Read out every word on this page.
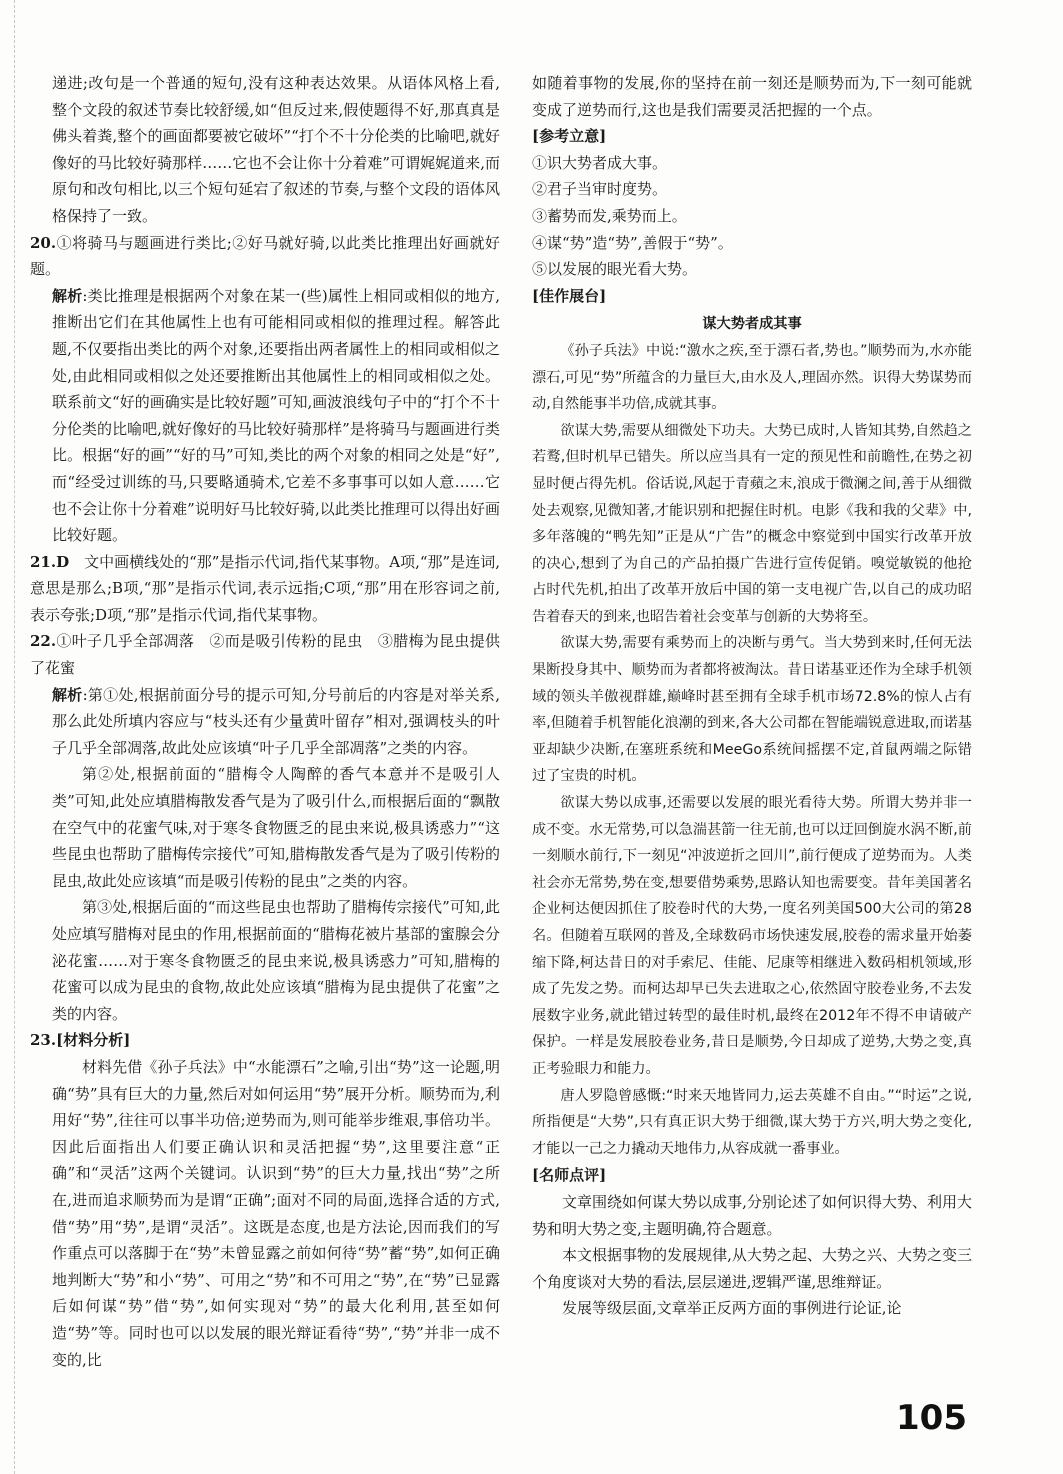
递进;改句是一个普通的短句,没有这种表达效果。从语体风格上看,整个文段的叙述节奏比较舒缓,如“但反过来,假使题得不好,那真真是佛头着粪,整个的画面都要被它破坏”“打个不十分伦类的比喻吧,就好像好的马比较好骑那样……它也不会让你十分着难”可谓娓娓道来,而原句和改句相比,以三个短句延宕了叙述的节奏,与整个文段的语体风格保持了一致。

20.①将骑马与题画进行类比;②好马就好骑,以此类比推理出好画就好题。

解析:类比推理是根据两个对象在某一(些)属性上相同或相似的地方,推断出它们在其他属性上也有可能相同或相似的推理过程。解答此题,不仅要指出类比的两个对象,还要指出两者属性上的相同或相似之处,由此相同或相似之处还要推断出其他属性上的相同或相似之处。联系前文“好的画确实是比较好题”可知,画波浪线句子中的“打个不十分伦类的比喻吧,就好像好的马比较好骑那样”是将骑马与题画进行类比。根据“好的画”“好的马”可知,类比的两个对象的相同之处是“好”,而“经受过训练的马,只要略通骑术,它差不多事事可以如人意……它也不会让你十分着难”说明好马比较好骑,以此类比推理可以得出好画比较好题。

21.D　 文中画横线处的“那”是指示代词,指代某事物。A项,“那”是连词,意思是那么;B项,“那”是指示代词,表示远指;C项,“那”用在形容词之前,表示夸张;D项,“那”是指示代词,指代某事物。

22.①叶子几乎全部凋落　②而是吸引传粉的昆虫　③腊梅为昆虫提供了花蜜

解析:第①处,根据前面分号的提示可知,分号前后的内容是对举关系,那么此处所填内容应与“枝头还有少量黄叶留存”相对,强调枝头的叶子几乎全部凋落,故此处应该填“叶子几乎全部凋落”之类的内容。

第②处,根据前面的“腊梅令人陶醉的香气本意并不是吸引人类”可知,此处应填腊梅散发香气是为了吸引什么,而根据后面的“飘散在空气中的花蜜气味,对于寒冬食物匮乏的昆虫来说,极具诱惑力”“这些昆虫也帮助了腊梅传宗接代”可知,腊梅散发香气是为了吸引传粉的昆虫,故此处应该填“而是吸引传粉的昆虫”之类的内容。

第③处,根据后面的“而这些昆虫也帮助了腊梅传宗接代”可知,此处应填写腊梅对昆虫的作用,根据前面的“腊梅花被片基部的蜜腺会分泌花蜜……对于寒冬食物匮乏的昆虫来说,极具诱惑力”可知,腊梅的花蜜可以成为昆虫的食物,故此处应该填“腊梅为昆虫提供了花蜜”之类的内容。

23.[材料分析]

材料先借《孙子兵法》中“水能漂石”之喻,引出“势”这一论题,明确“势”具有巨大的力量,然后对如何运用“势”展开分析。顺势而为,利用好“势”,往往可以事半功倍;逆势而为,则可能举步维艰,事倍功半。因此后面指出人们要正确认识和灵活把握“势”,这里要注意“正确”和“灵活”这两个关键词。认识到“势”的巨大力量,找出“势”之所在,进而追求顺势而为是谓“正确”;面对不同的局面,选择合适的方式,借“势”用“势”,是谓“灵活”。这既是态度,也是方法论,因而我们的写作重点可以落脚于在“势”未曾显露之前如何待“势”蓄“势”,如何正确地判断大“势”和小“势”、可用之“势”和不可用之“势”,在“势”已显露后如何谋“势”借“势”,如何实现对“势”的最大化利用,甚至如何造“势”等。同时也可以以发展的眼光辩证看待“势”,“势”并非一成不变的,比

如随着事物的发展,你的坚持在前一刻还是顺势而为,下一刻可能就变成了逆势而行,这也是我们需要灵活把握的一个点。

[参考立意]

①识大势者成大事。

②君子当审时度势。

③蓄势而发,乘势而上。

④谋“势”造“势”,善假于“势”。

⑤以发展的眼光看大势。

[佳作展台]

谋大势者成其事

《孙子兵法》中说:“激水之疾,至于漂石者,势也。”顺势而为,水亦能漂石,可见“势”所蕴含的力量巨大,由水及人,理固亦然。识得大势谋势而动,自然能事半功倍,成就其事。

欲谋大势,需要从细微处下功夫。大势已成时,人皆知其势,自然趋之若鹜,但时机早已错失。所以应当具有一定的预见性和前瞻性,在势之初显时便占得先机。俗话说,风起于青蘋之末,浪成于微澜之间,善于从细微处去观察,见微知著,才能识别和把握住时机。电影《我和我的父辈》中,多年落魄的“鸭先知”正是从“广告”的概念中察觉到中国实行改革开放的决心,想到了为自己的产品拍摄广告进行宣传促销。嗅觉敏锐的他抢占时代先机,拍出了改革开放后中国的第一支电视广告,以自己的成功昭告着春天的到来,也昭告着社会变革与创新的大势将至。

欲谋大势,需要有乘势而上的决断与勇气。当大势到来时,任何无法果断投身其中、顺势而为者都将被淘汰。昔日诺基亚还作为全球手机领域的领头羊傲视群雄,巅峰时甚至拥有全球手机市场72.8%的惊人占有率,但随着手机智能化浪潮的到来,各大公司都在智能端锐意进取,而诺基亚却缺少决断,在塞班系统和MeeGo系统间摇摆不定,首鼠两端之际错过了宝贵的时机。

欲谋大势以成事,还需要以发展的眼光看待大势。所谓大势并非一成不变。水无常势,可以急湍甚箭一往无前,也可以迂回倒旋水涡不断,前一刻顺水前行,下一刻见“冲波逆折之回川”,前行便成了逆势而为。人类社会亦无常势,势在变,想要借势乘势,思路认知也需要变。昔年美国著名企业柯达便因抓住了胶卷时代的大势,一度名列美国500大公司的第28名。但随着互联网的普及,全球数码市场快速发展,胶卷的需求量开始萎缩下降,柯达昔日的对手索尼、佳能、尼康等相继进入数码相机领域,形成了先发之势。而柯达却早已失去进取之心,依然固守胶卷业务,不去发展数字业务,就此错过转型的最佳时机,最终在2012年不得不申请破产保护。一样是发展胶卷业务,昔日是顺势,今日却成了逆势,大势之变,真正考验眼力和能力。

唐人罗隐曾感慨:“时来天地皆同力,运去英雄不自由。”“时运”之说,所指便是“大势”,只有真正识大势于细微,谋大势于方兴,明大势之变化,才能以一己之力撬动天地伟力,从容成就一番事业。

[名师点评]

文章围绕如何谋大势以成事,分别论述了如何识得大势、利用大势和明大势之变,主题明确,符合题意。

本文根据事物的发展规律,从大势之起、大势之兴、大势之变三个角度谈对大势的看法,层层递进,逻辑严谨,思维辩证。

发展等级层面,文章举正反两方面的事例进行论证,论

105
